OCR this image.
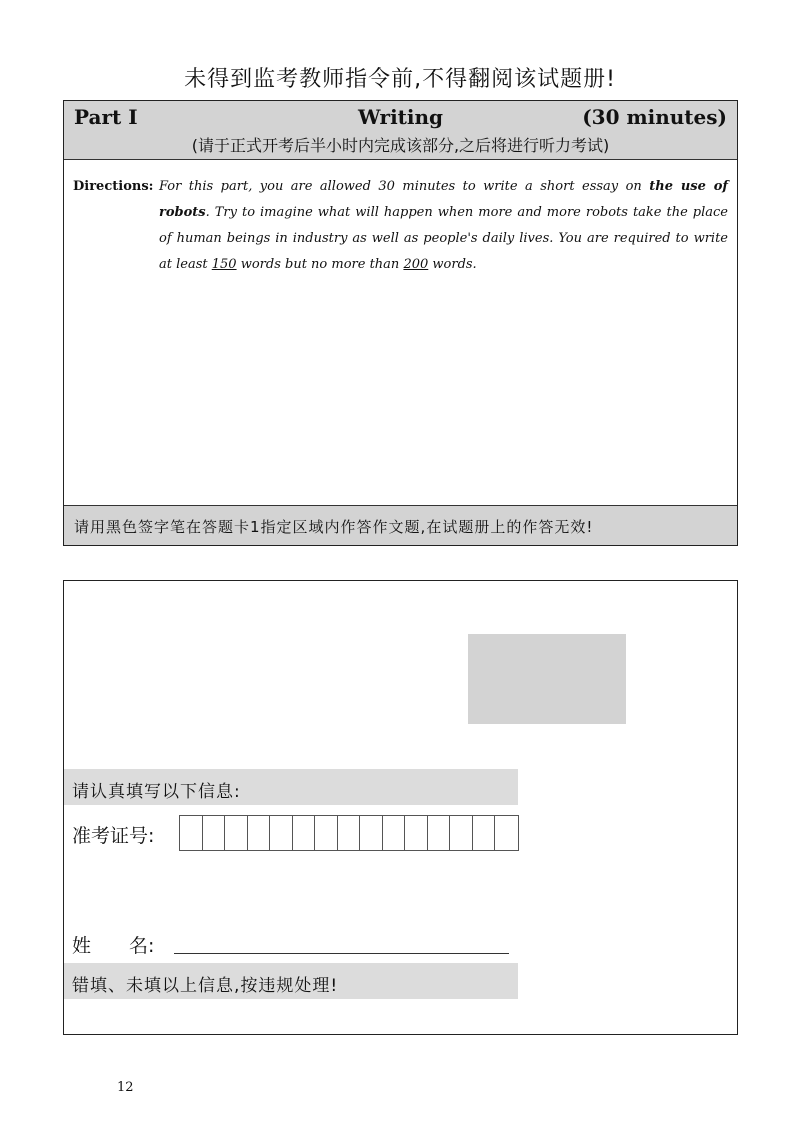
未得到监考教师指令前,不得翻阅该试题册!
Writing
Part I	(30 minutes)
(请于正式开考后半小时内完成该部分,之后将进行听力考试)
Directions: For this part, you are allowed 30 minutes to write a short essay on the use of robots. Try to imagine what will happen when more and more robots take the place of human beings in industry as well as people's daily lives. You are required to write at least 150 words but no more than 200 words.
请用黑色签字笔在答题卡1指定区域内作答作文题,在试题册上的作答无效!
请认真填写以下信息:
准考证号:
姓　　名:
错填、未填以上信息,按违规处理!
12
